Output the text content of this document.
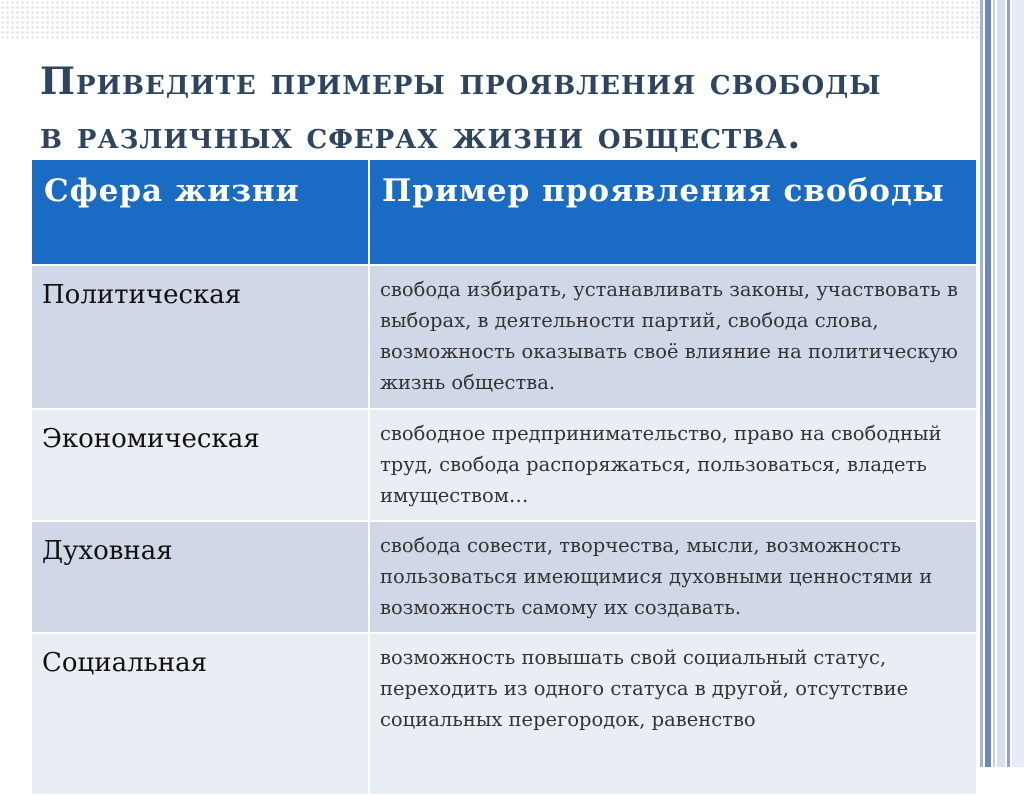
Приведите примеры проявления свободы
в различных сферах жизни общества.
Сфера жизни	Пример проявления свободы
Политическая	свобода избирать, устанавливать законы, участвовать в выборах, в деятельности партий, свобода слова, возможность оказывать своё влияние на политическую жизнь общества.
Экономическая	свободное предпринимательство, право на свободный труд, свобода распоряжаться, пользоваться, владеть имуществом…
Духовная	свобода совести, творчества, мысли, возможность пользоваться имеющимися духовными ценностями и возможность самому их создавать.
Социальная	возможность повышать свой социальный статус, переходить из одного статуса в другой, отсутствие социальных перегородок, равенство
